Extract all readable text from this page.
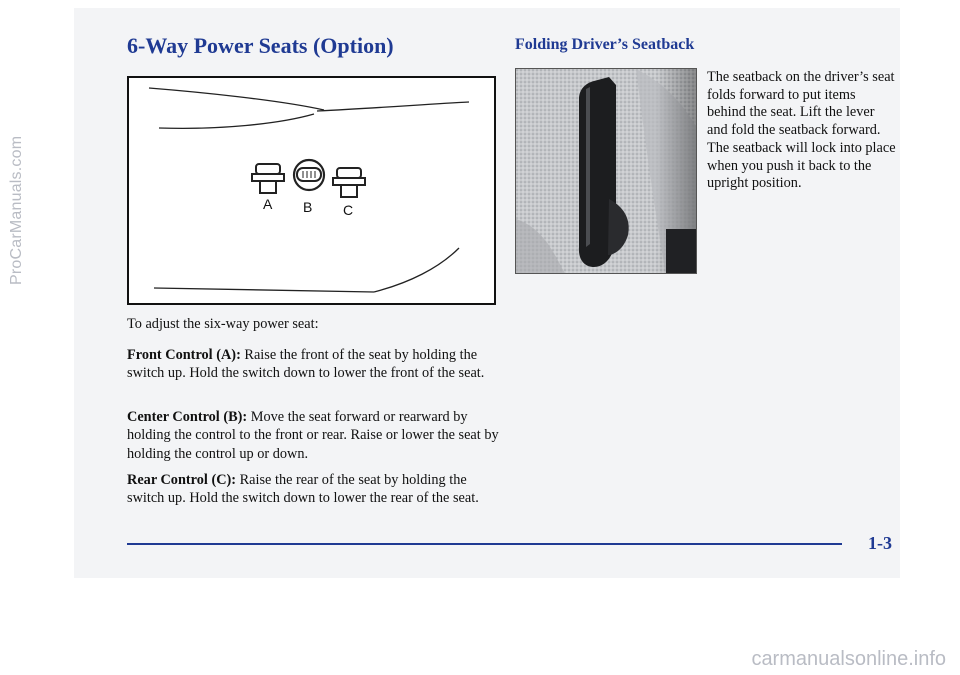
ProCarManuals.com
carmanualsonline.info
6-Way Power Seats (Option)	Folding Driver’s Seatback
A B C

The seatback on the driver’s seat folds forward to put items behind the seat. Lift the lever and fold the seatback forward. The seatback will lock into place when you push it back to the upright position.

To adjust the six-way power seat:

Front Control (A): Raise the front of the seat by holding the switch up. Hold the switch down to lower the front of the seat.

Center Control (B): Move the seat forward or rearward by holding the control to the front or rear. Raise or lower the seat by holding the control up or down.

Rear Control (C): Raise the rear of the seat by holding the switch up. Hold the switch down to lower the rear of the seat.

1-3
